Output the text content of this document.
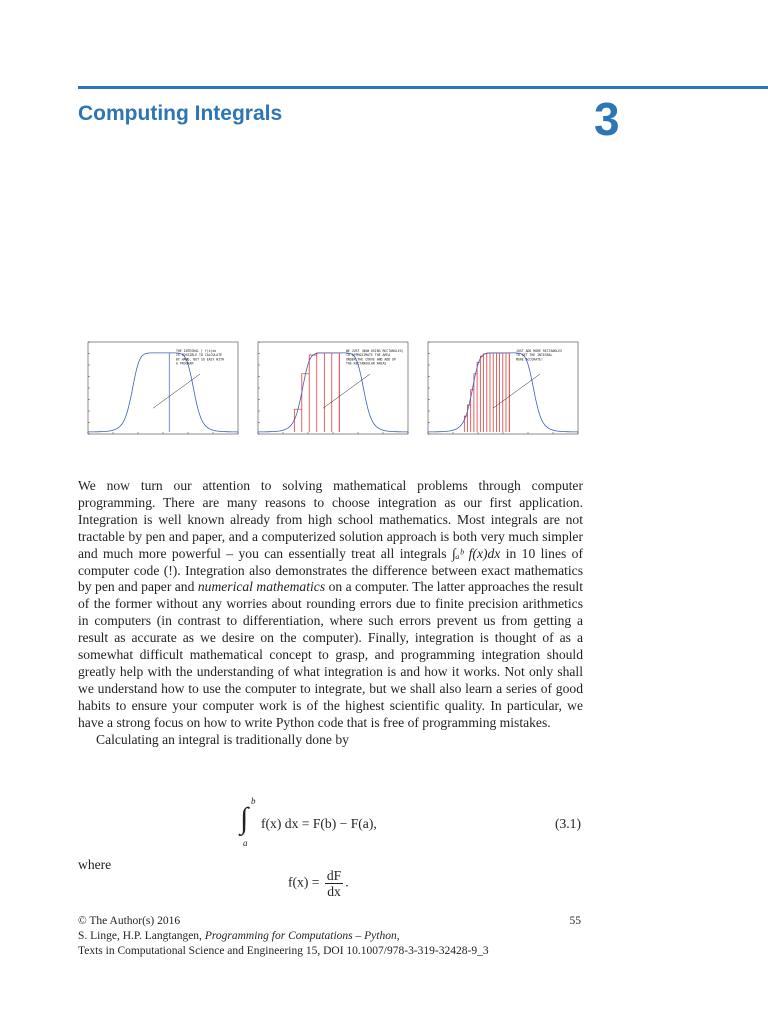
Computing Integrals	3
THE INTEGRAL ∫ f(x)dx
IS POSSIBLE TO CALCULATE
BY HAND, BUT SO EASY WITH
A PROGRAM
WE JUST (NOW USING RECTANGLES)
TO APPROXIMATE THE AREA
UNDER THE CURVE AND ADD UP
THE RECTANGULAR AREAS
JUST ADD MORE RECTANGLES
TO GET THE INTEGRAL
MORE ACCURATE!

We now turn our attention to solving mathematical problems through computer programming. There are many reasons to choose integration as our first application. Integration is well known already from high school mathematics. Most integrals are not tractable by pen and paper, and a computerized solution approach is both very much simpler and much more powerful – you can essentially treat all integrals ∫ₐᵇ f(x)dx in 10 lines of computer code (!). Integration also demonstrates the difference between exact mathematics by pen and paper and numerical mathematics on a computer. The latter approaches the result of the former without any worries about rounding errors due to finite precision arithmetics in computers (in contrast to differentiation, where such errors prevent us from getting a result as accurate as we desire on the computer). Finally, integration is thought of as a somewhat difficult mathematical concept to grasp, and programming integration should greatly help with the understanding of what integration is and how it works. Not only shall we understand how to use the computer to integrate, but we shall also learn a series of good habits to ensure your computer work is of the highest scientific quality. In particular, we have a strong focus on how to write Python code that is free of programming mistakes.

Calculating an integral is traditionally done by

b
∫
a
f(x) dx = F(b) − F(a),	(3.1)
where
$f(x) = \frac{dF}{dx}$ .
© The Author(s) 2016
S. Linge, H.P. Langtangen, Programming for Computations – Python,
Texts in Computational Science and Engineering 15, DOI 10.1007/978-3-319-32428-9_3
55
